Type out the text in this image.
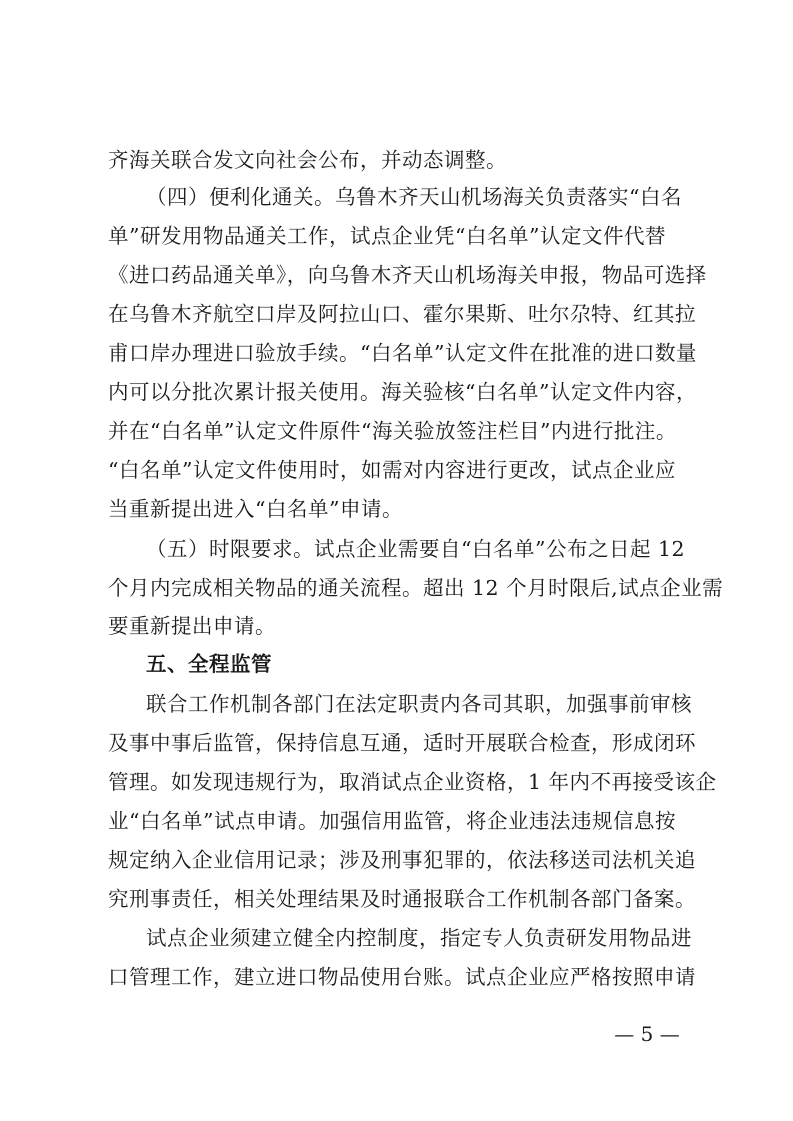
齐海关联合发文向社会公布，并动态调整。
（四）便利化通关。乌鲁木齐天山机场海关负责落实“白名
单”研发用物品通关工作，试点企业凭“白名单”认定文件代替
《进口药品通关单》，向乌鲁木齐天山机场海关申报，物品可选择
在乌鲁木齐航空口岸及阿拉山口、霍尔果斯、吐尔尕特、红其拉
甫口岸办理进口验放手续。“白名单”认定文件在批准的进口数量
内可以分批次累计报关使用。海关验核“白名单”认定文件内容，
并在“白名单”认定文件原件“海关验放签注栏目”内进行批注。
“白名单”认定文件使用时，如需对内容进行更改，试点企业应
当重新提出进入“白名单”申请。
（五）时限要求。试点企业需要自“白名单”公布之日起 12
个月内完成相关物品的通关流程。超出 12 个月时限后,试点企业需
要重新提出申请。
五、全程监管
联合工作机制各部门在法定职责内各司其职，加强事前审核
及事中事后监管，保持信息互通，适时开展联合检查，形成闭环
管理。如发现违规行为，取消试点企业资格，1 年内不再接受该企
业“白名单”试点申请。加强信用监管，将企业违法违规信息按
规定纳入企业信用记录；涉及刑事犯罪的，依法移送司法机关追
究刑事责任，相关处理结果及时通报联合工作机制各部门备案。
试点企业须建立健全内控制度，指定专人负责研发用物品进
口管理工作，建立进口物品使用台账。试点企业应严格按照申请
— 5 —
